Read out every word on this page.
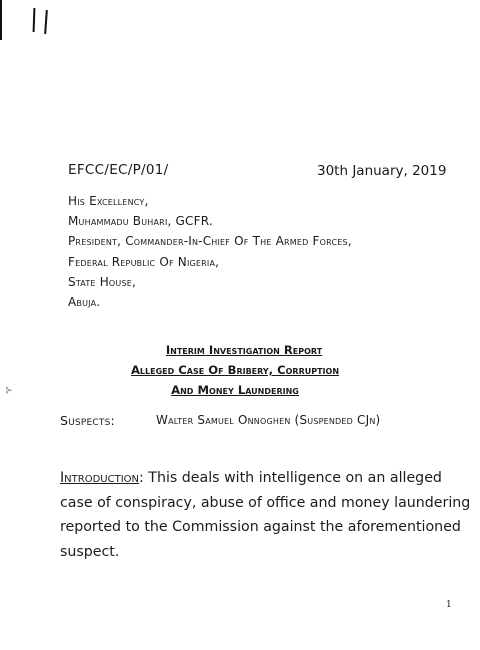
EFCC/EC/P/01/	30th January, 2019
His Excellency,
Muhammadu Buhari, GCFR.
President, Commander-In-Chief Of The Armed Forces,
Federal Republic Of Nigeria,
State House,
Abuja.
Interim Investigation Report
Alleged Case Of Bribery, Corruption
And Money Laundering
⊱
Suspects:	Walter Samuel Onnoghen (Suspended CJn)
Introduction: This deals with intelligence on an alleged
case of conspiracy, abuse of office and money laundering
reported to the Commission against the aforementioned
suspect.
1
